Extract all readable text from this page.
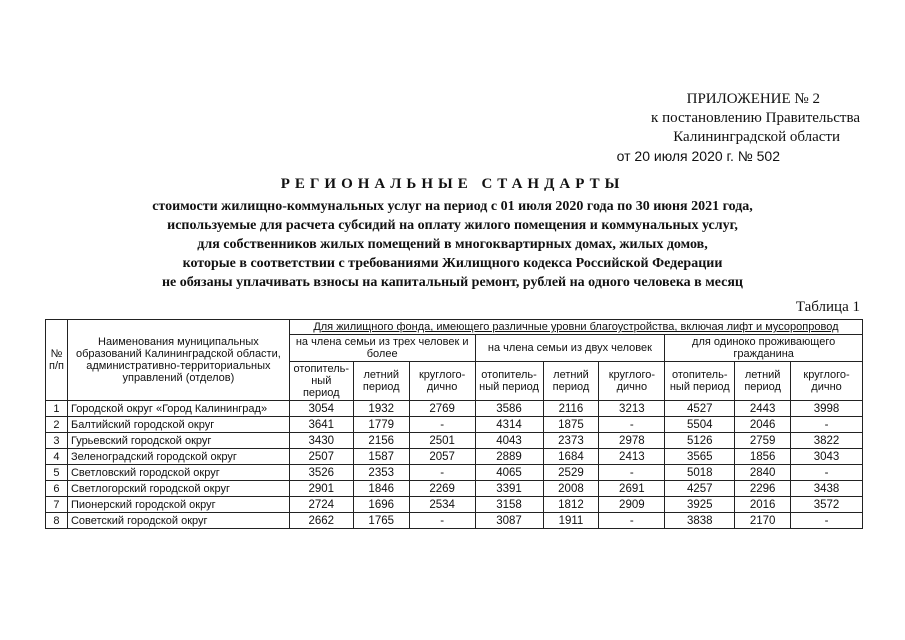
ПРИЛОЖЕНИЕ № 2
к постановлению Правительства
Калининградской области
от 20 июля 2020 г. № 502
РЕГИОНАЛЬНЫЕ СТАНДАРТЫ
стоимости жилищно-коммунальных услуг на период с 01 июля 2020 года по 30 июня 2021 года,
используемые для расчета субсидий на оплату жилого помещения и коммунальных услуг,
для собственников жилых помещений в многоквартирных домах, жилых домов,
которые в соответствии с требованиями Жилищного кодекса Российской Федерации
не обязаны уплачивать взносы на капитальный ремонт, рублей на одного человека в месяц
Таблица 1
№ п/п	Наименования муниципальных образований Калининградской области, административно-территориальных управлений (отделов)	Для жилищного фонда, имеющего различные уровни благоустройства, включая лифт и мусоропровод								
		на члена семьи из трех человек и более			на члена семьи из двух человек			для одиноко проживающего гражданина		
		отопитель- ный период	летний период	круглого- дично	отопитель- ный период	летний период	круглого- дично	отопитель- ный период	летний период	круглого- дично
1	Городской округ «Город Калининград»	3054	1932	2769	3586	2116	3213	4527	2443	3998
2	Балтийский городской округ	3641	1779	-	4314	1875	-	5504	2046	-
3	Гурьевский городской округ	3430	2156	2501	4043	2373	2978	5126	2759	3822
4	Зеленоградский городской округ	2507	1587	2057	2889	1684	2413	3565	1856	3043
5	Светловский городской округ	3526	2353	-	4065	2529	-	5018	2840	-
6	Светлогорский городской округ	2901	1846	2269	3391	2008	2691	4257	2296	3438
7	Пионерский городской округ	2724	1696	2534	3158	1812	2909	3925	2016	3572
8	Советский городской округ	2662	1765	-	3087	1911	-	3838	2170	-
